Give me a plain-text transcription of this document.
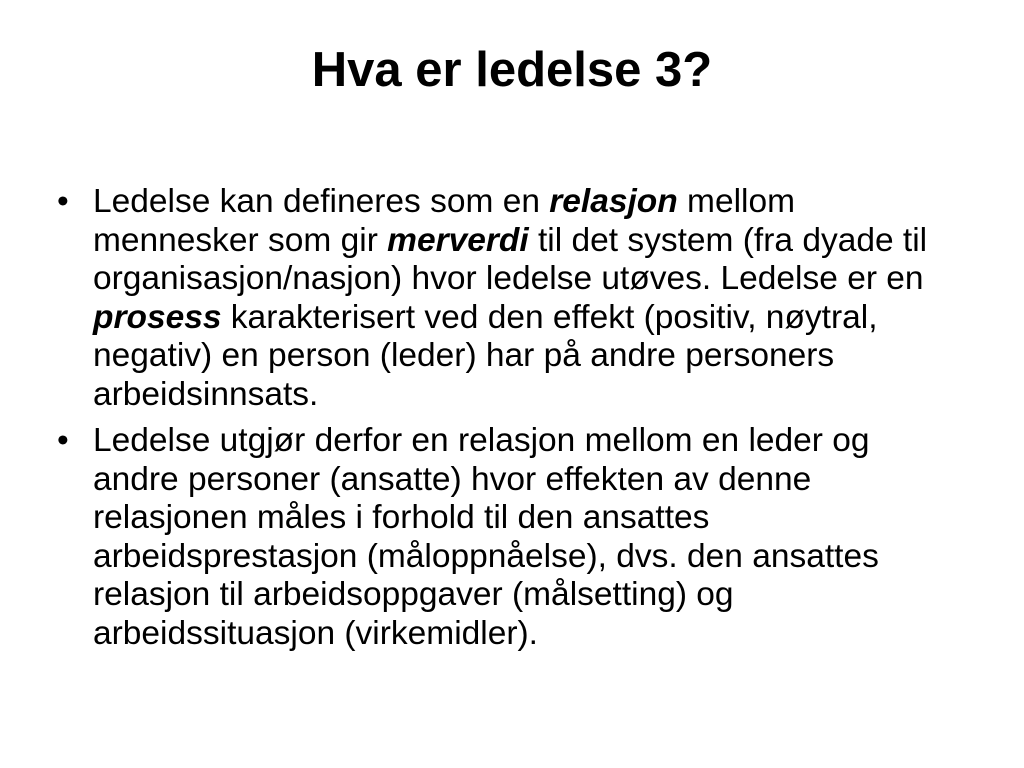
Hva er ledelse 3?
• Ledelse kan defineres som en relasjon mellom mennesker som gir merverdi til det system (fra dyade til organisasjon/nasjon) hvor ledelse utøves. Ledelse er en prosess karakterisert ved den effekt (positiv, nøytral, negativ) en person (leder) har på andre personers arbeidsinnsats.
• Ledelse utgjør derfor en relasjon mellom en leder og andre personer (ansatte) hvor effekten av denne relasjonen måles i forhold til den ansattes arbeidsprestasjon (måloppnåelse), dvs. den ansattes relasjon til arbeidsoppgaver (målsetting) og arbeidssituasjon (virkemidler).
